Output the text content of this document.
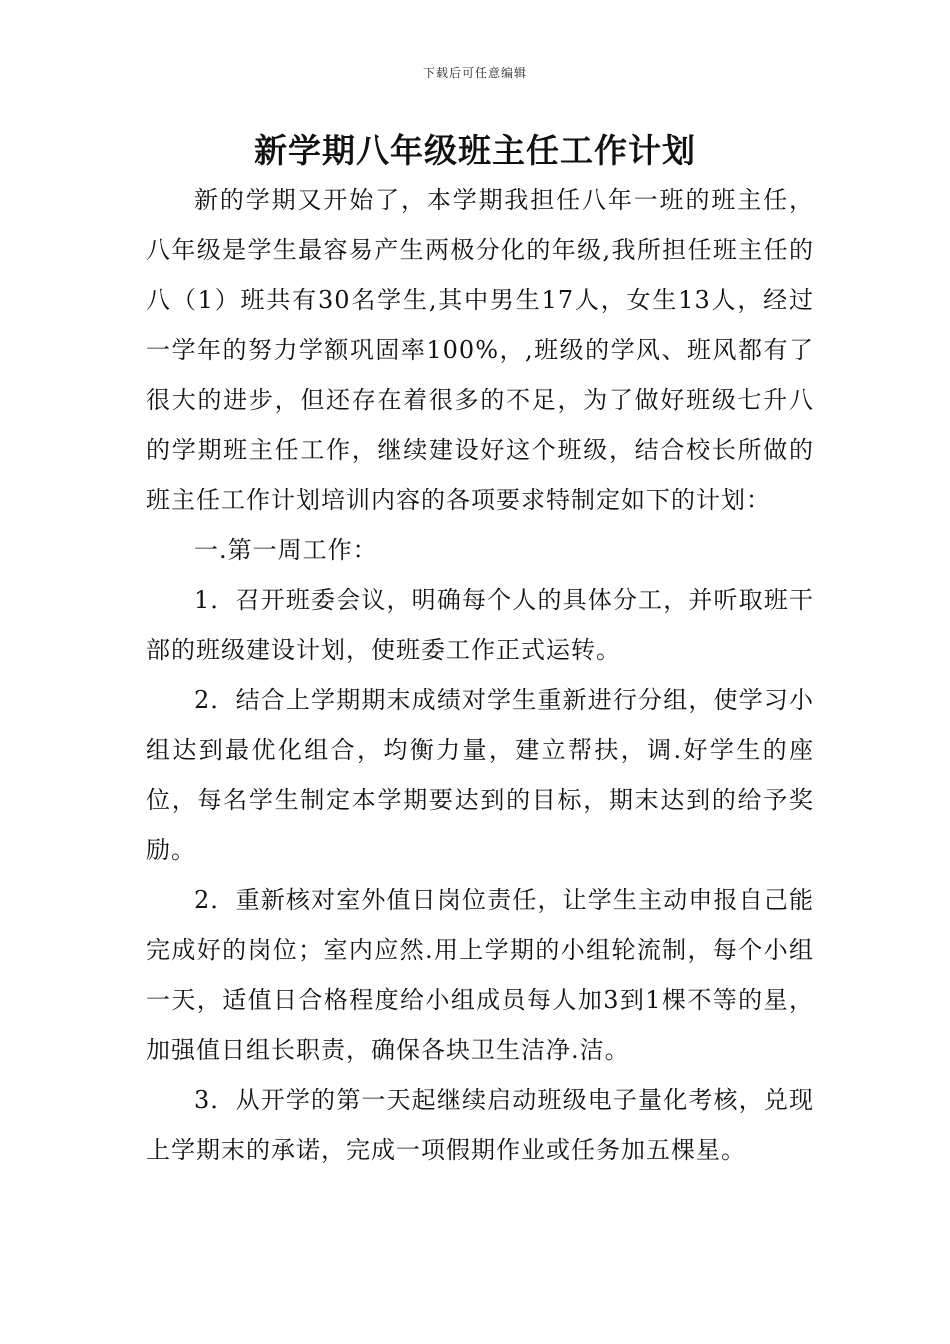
下载后可任意编辑
新学期八年级班主任工作计划

新的学期又开始了，本学期我担任八年一班的班主任，八年级是学生最容易产生两极分化的年级,我所担任班主任的八（1）班共有30名学生,其中男生17人，女生13人，经过一学年的努力学额巩固率100%，,班级的学风、班风都有了很大的进步，但还存在着很多的不足，为了做好班级七升八的学期班主任工作，继续建设好这个班级，结合校长所做的班主任工作计划培训内容的各项要求特制定如下的计划：

一.第一周工作：

1．召开班委会议，明确每个人的具体分工，并听取班干部的班级建设计划，使班委工作正式运转。

2．结合上学期期末成绩对学生重新进行分组，使学习小组达到最优化组合，均衡力量，建立帮扶，调.好学生的座位，每名学生制定本学期要达到的目标，期末达到的给予奖励。

2．重新核对室外值日岗位责任，让学生主动申报自己能完成好的岗位；室内应然.用上学期的小组轮流制，每个小组一天，适值日合格程度给小组成员每人加3到1棵不等的星，加强值日组长职责，确保各块卫生洁净.洁。

3．从开学的第一天起继续启动班级电子量化考核，兑现上学期末的承诺，完成一项假期作业或任务加五棵星。
